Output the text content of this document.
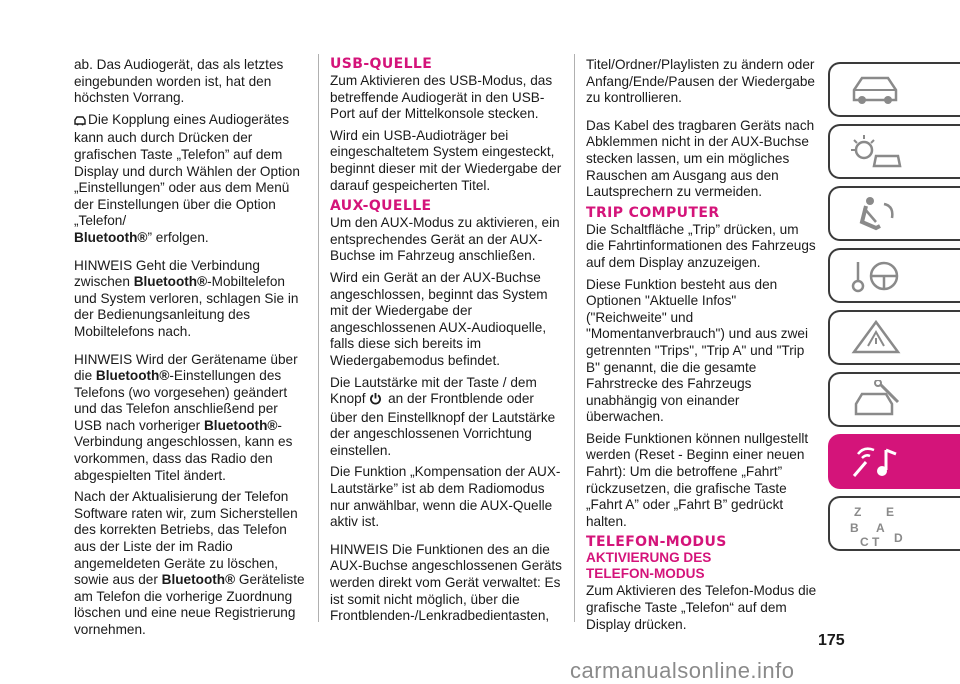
ab. Das Audiogerät, das als letztes eingebunden worden ist, hat den höchsten Vorrang.

Die Kopplung eines Audiogerätes kann auch durch Drücken der grafischen Taste „Telefon” auf dem Display und durch Wählen der Option „Einstellungen” oder aus dem Menü der Einstellungen über die Option „Telefon/
Bluetooth®” erfolgen.

HINWEIS Geht die Verbindung zwischen Bluetooth®-Mobiltelefon und System verloren, schlagen Sie in der Bedienungsanleitung des Mobiltelefons nach.

HINWEIS Wird der Gerätename über die Bluetooth®-Einstellungen des Telefons (wo vorgesehen) geändert und das Telefon anschließend per USB nach vorheriger Bluetooth®-Verbindung angeschlossen, kann es vorkommen, dass das Radio den abgespielten Titel ändert.

Nach der Aktualisierung der Telefon Software raten wir, zum Sicherstellen des korrekten Betriebs, das Telefon aus der Liste der im Radio angemeldeten Geräte zu löschen, sowie aus der Bluetooth® Geräteliste am Telefon die vorherige Zuordnung löschen und eine neue Registrierung vornehmen.

USB-QUELLE

Zum Aktivieren des USB-Modus, das betreffende Audiogerät in den USB-Port auf der Mittelkonsole stecken.

Wird ein USB-Audioträger bei eingeschaltetem System eingesteckt, beginnt dieser mit der Wiedergabe der darauf gespeicherten Titel.

AUX-QUELLE

Um den AUX-Modus zu aktivieren, ein entsprechendes Gerät an der AUX-Buchse im Fahrzeug anschließen.

Wird ein Gerät an der AUX-Buchse angeschlossen, beginnt das System mit der Wiedergabe der angeschlossenen AUX-Audioquelle, falls diese sich bereits im Wiedergabemodus befindet.

Die Lautstärke mit der Taste / dem Knopf  an der Frontblende oder über den Einstellknopf der Lautstärke der angeschlossenen Vorrichtung einstellen.

Die Funktion „Kompensation der AUX-Lautstärke” ist ab dem Radiomodus nur anwählbar, wenn die AUX-Quelle aktiv ist.

HINWEIS Die Funktionen des an die AUX-Buchse angeschlossenen Geräts werden direkt vom Gerät verwaltet: Es ist somit nicht möglich, über die Frontblenden-/Lenkradbedientasten,

Titel/Ordner/Playlisten zu ändern oder Anfang/Ende/Pausen der Wiedergabe zu kontrollieren.

Das Kabel des tragbaren Geräts nach Abklemmen nicht in der AUX-Buchse stecken lassen, um ein mögliches Rauschen am Ausgang aus den Lautsprechern zu vermeiden.

TRIP COMPUTER

Die Schaltfläche „Trip” drücken, um die Fahrtinformationen des Fahrzeugs auf dem Display anzuzeigen.

Diese Funktion besteht aus den Optionen "Aktuelle Infos" ("Reichweite" und "Momentanverbrauch") und aus zwei getrennten "Trips", "Trip A" und "Trip B" genannt, die die gesamte Fahrstrecke des Fahrzeugs unabhängig von einander überwachen.

Beide Funktionen können nullgestellt werden (Reset - Beginn einer neuen Fahrt): Um die betroffene „Fahrt” rückzusetzen, die grafische Taste „Fahrt A” oder „Fahrt B” gedrückt halten.

TELEFON-MODUS
AKTIVIERUNG DES
TELEFON-MODUS

Zum Aktivieren des Telefon-Modus die grafische Taste „Telefon“ auf dem Display drücken.

Z E
B A
C T D
175
carmanualsonline.info
